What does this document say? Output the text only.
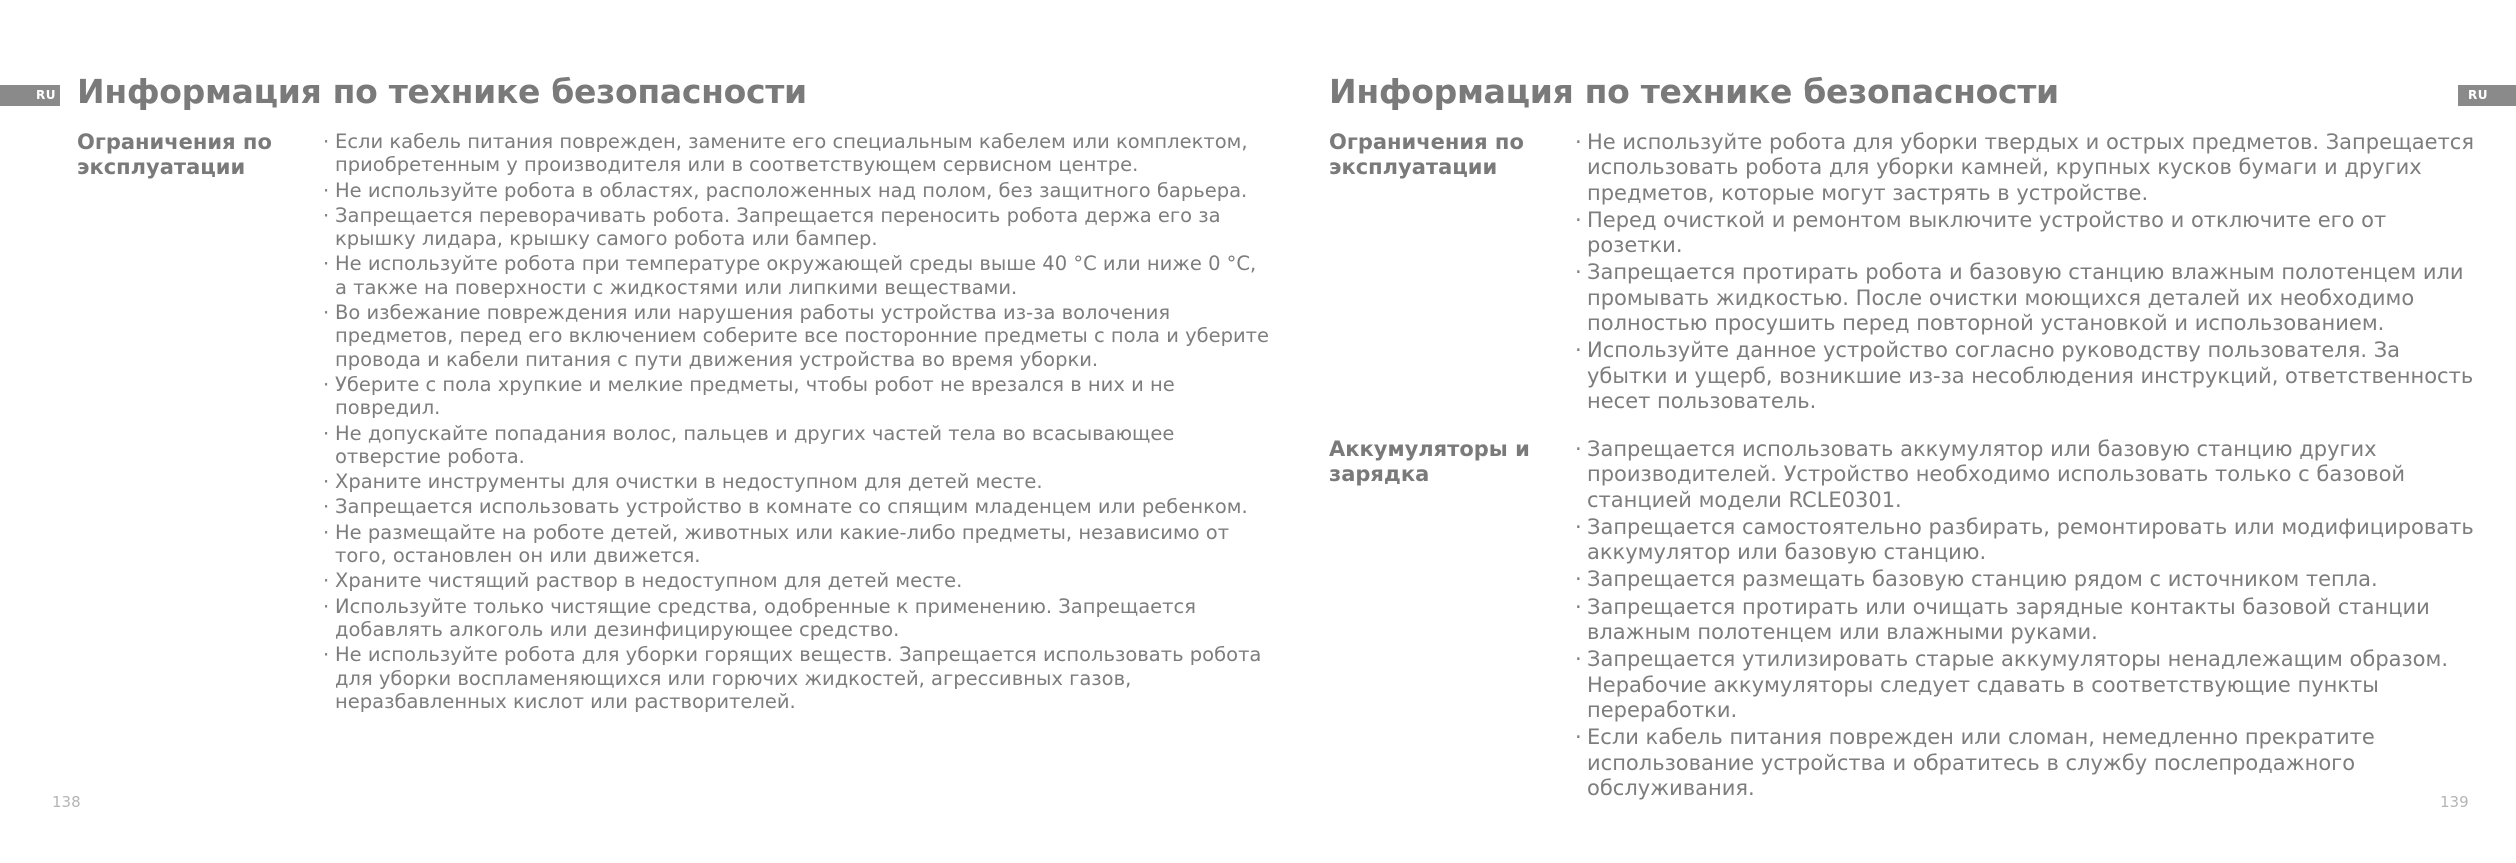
RU Информация по технике безопасности
Ограничения по эксплуатации
· Если кабель питания поврежден, замените его специальным кабелем или комплектом, приобретенным у производителя или в соответствующем сервисном центре.
· Не используйте робота в областях, расположенных над полом, без защитного барьера.
· Запрещается переворачивать робота. Запрещается переносить робота держа его за крышку лидара, крышку самого робота или бампер.
· Не используйте робота при температуре окружающей среды выше 40 °C или ниже 0 °C, а также на поверхности с жидкостями или липкими веществами.
· Во избежание повреждения или нарушения работы устройства из-за волочения предметов, перед его включением соберите все посторонние предметы с пола и уберите провода и кабели питания с пути движения устройства во время уборки.
· Уберите с пола хрупкие и мелкие предметы, чтобы робот не врезался в них и не повредил.
· Не допускайте попадания волос, пальцев и других частей тела во всасывающее отверстие робота.
· Храните инструменты для очистки в недоступном для детей месте.
· Запрещается использовать устройство в комнате со спящим младенцем или ребенком.
· Не размещайте на роботе детей, животных или какие-либо предметы, независимо от того, остановлен он или движется.
· Храните чистящий раствор в недоступном для детей месте.
· Используйте только чистящие средства, одобренные к применению. Запрещается добавлять алкоголь или дезинфицирующее средство.
· Не используйте робота для уборки горящих веществ. Запрещается использовать робота для уборки воспламеняющихся или горючих жидкостей, агрессивных газов, неразбавленных кислот или растворителей.
138
RU
Информация по технике безопасности
Ограничения по эксплуатации
· Не используйте робота для уборки твердых и острых предметов. Запрещается использовать робота для уборки камней, крупных кусков бумаги и других предметов, которые могут застрять в устройстве.
· Перед очисткой и ремонтом выключите устройство и отключите его от розетки.
· Запрещается протирать робота и базовую станцию влажным полотенцем или промывать жидкостью. После очистки моющихся деталей их необходимо полностью просушить перед повторной установкой и использованием.
· Используйте данное устройство согласно руководству пользователя. За убытки и ущерб, возникшие из-за несоблюдения инструкций, ответственность несет пользователь.
Аккумуляторы и зарядка
· Запрещается использовать аккумулятор или базовую станцию других производителей. Устройство необходимо использовать только с базовой станцией модели RCLE0301.
· Запрещается самостоятельно разбирать, ремонтировать или модифицировать аккумулятор или базовую станцию.
· Запрещается размещать базовую станцию рядом с источником тепла.
· Запрещается протирать или очищать зарядные контакты базовой станции влажным полотенцем или влажными руками.
· Запрещается утилизировать старые аккумуляторы ненадлежащим образом. Нерабочие аккумуляторы следует сдавать в соответствующие пункты переработки.
· Если кабель питания поврежден или сломан, немедленно прекратите использование устройства и обратитесь в службу послепродажного обслуживания.
139
